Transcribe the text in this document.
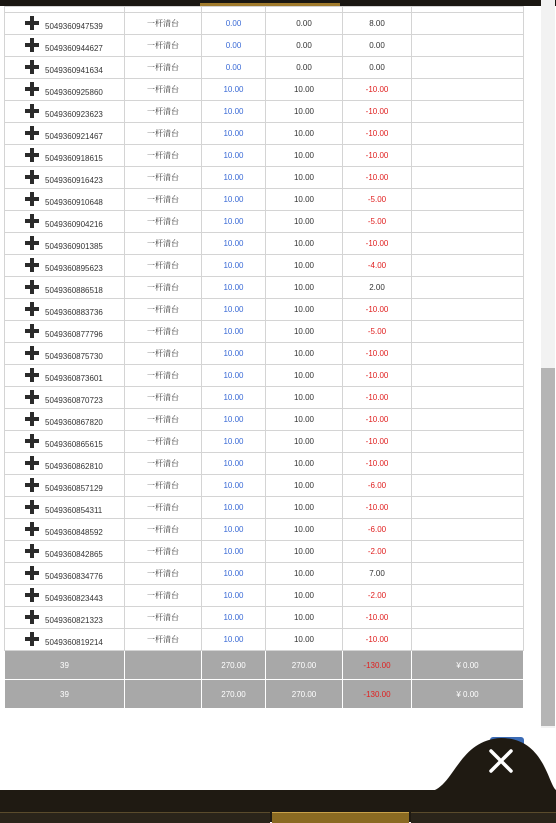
5049360947539	一杆清台	0.00	0.00	8.00	

5049360944627	一杆清台	0.00	0.00	0.00	

5049360941634	一杆清台	0.00	0.00	0.00	

5049360925860	一杆清台	10.00	10.00	-10.00	

5049360923623	一杆清台	10.00	10.00	-10.00	

5049360921467	一杆清台	10.00	10.00	-10.00	

5049360918615	一杆清台	10.00	10.00	-10.00	

5049360916423	一杆清台	10.00	10.00	-10.00	

5049360910648	一杆清台	10.00	10.00	-5.00	

5049360904216	一杆清台	10.00	10.00	-5.00	

5049360901385	一杆清台	10.00	10.00	-10.00	

5049360895623	一杆清台	10.00	10.00	-4.00	

5049360886518	一杆清台	10.00	10.00	2.00	

5049360883736	一杆清台	10.00	10.00	-10.00	

5049360877796	一杆清台	10.00	10.00	-5.00	

5049360875730	一杆清台	10.00	10.00	-10.00	

5049360873601	一杆清台	10.00	10.00	-10.00	

5049360870723	一杆清台	10.00	10.00	-10.00	

5049360867820	一杆清台	10.00	10.00	-10.00	

5049360865615	一杆清台	10.00	10.00	-10.00	

5049360862810	一杆清台	10.00	10.00	-10.00	

5049360857129	一杆清台	10.00	10.00	-6.00	

5049360854311	一杆清台	10.00	10.00	-10.00	

5049360848592	一杆清台	10.00	10.00	-6.00	

5049360842865	一杆清台	10.00	10.00	-2.00	

5049360834776	一杆清台	10.00	10.00	7.00	

5049360823443	一杆清台	10.00	10.00	-2.00	

5049360821323	一杆清台	10.00	10.00	-10.00	

5049360819214	一杆清台	10.00	10.00	-10.00	
39		270.00	270.00	-130.00	¥ 0.00
39		270.00	270.00	-130.00	¥ 0.00
